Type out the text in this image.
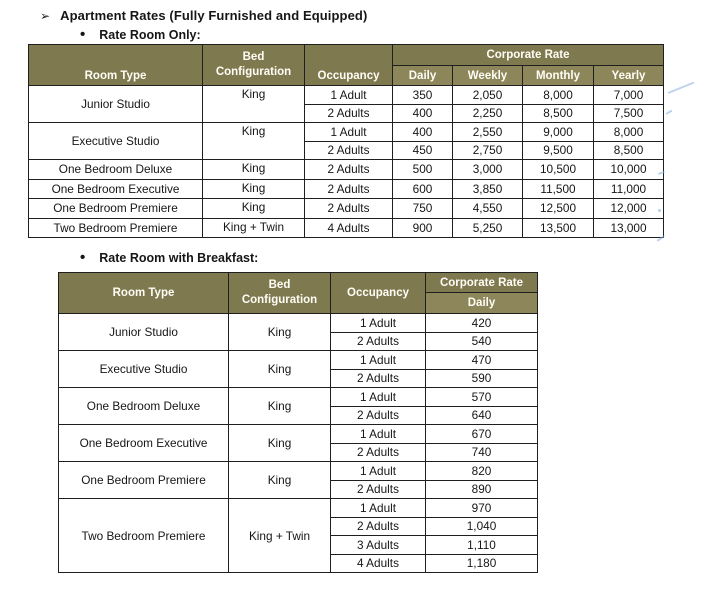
➢ Apartment Rates (Fully Furnished and Equipped)
• Rate Room Only:
Room Type	Bed Configuration	Occupancy	Corporate Rate			
			Daily	Weekly	Monthly	Yearly
Junior Studio	King	1 Adult	350	2,050	8,000	7,000
		2 Adults	400	2,250	8,500	7,500
Executive Studio	King	1 Adult	400	2,550	9,000	8,000
		2 Adults	450	2,750	9,500	8,500
One Bedroom Deluxe	King	2 Adults	500	3,000	10,500	10,000
One Bedroom Executive	King	2 Adults	600	3,850	11,500	11,000
One Bedroom Premiere	King	2 Adults	750	4,550	12,500	12,000
Two Bedroom Premiere	King + Twin	4 Adults	900	5,250	13,500	13,000
• Rate Room with Breakfast:
Room Type	Bed Configuration	Occupancy	Corporate Rate
			Daily
Junior Studio	King	1 Adult	420
		2 Adults	540
Executive Studio	King	1 Adult	470
		2 Adults	590
One Bedroom Deluxe	King	1 Adult	570
		2 Adults	640
One Bedroom Executive	King	1 Adult	670
		2 Adults	740
One Bedroom Premiere	King	1 Adult	820
		2 Adults	890
Two Bedroom Premiere	King + Twin	1 Adult	970
		2 Adults	1,040
		3 Adults	1,110
		4 Adults	1,180
